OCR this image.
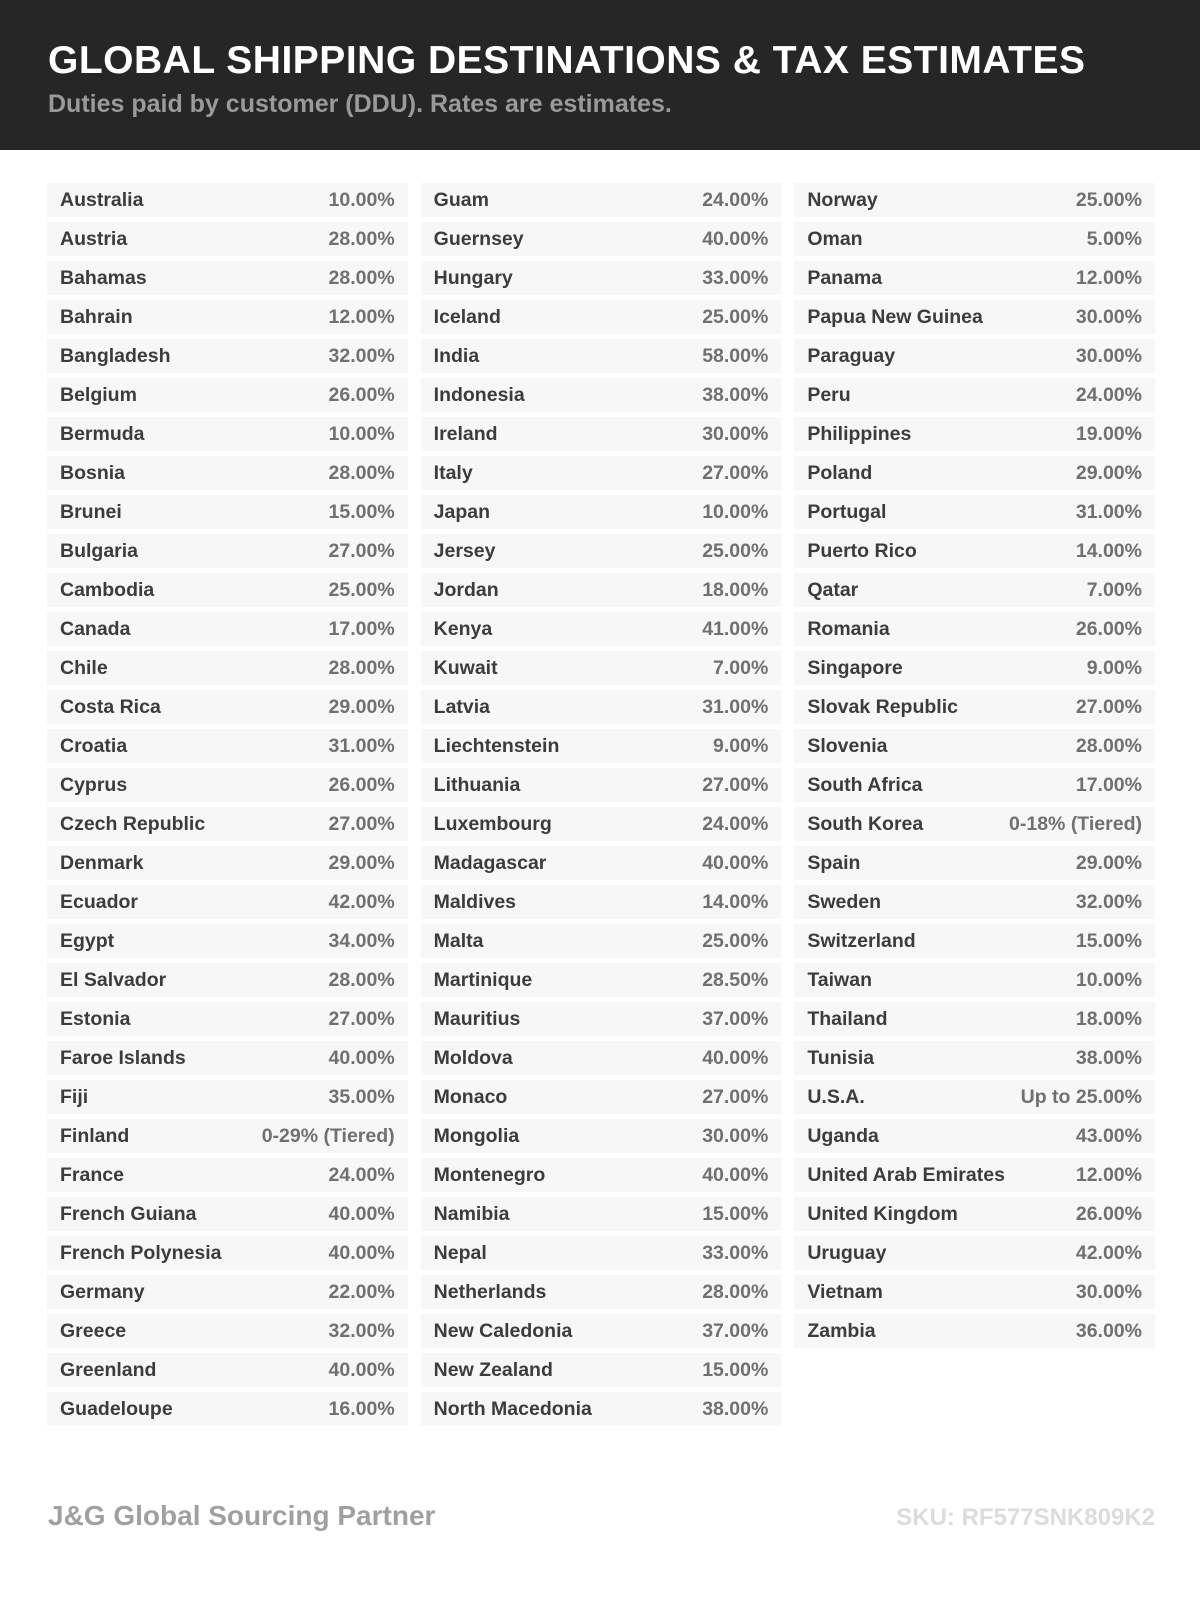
GLOBAL SHIPPING DESTINATIONS & TAX ESTIMATES
Duties paid by customer (DDU). Rates are estimates.
Australia	10.00%
Austria	28.00%
Bahamas	28.00%
Bahrain	12.00%
Bangladesh	32.00%
Belgium	26.00%
Bermuda	10.00%
Bosnia	28.00%
Brunei	15.00%
Bulgaria	27.00%
Cambodia	25.00%
Canada	17.00%
Chile	28.00%
Costa Rica	29.00%
Croatia	31.00%
Cyprus	26.00%
Czech Republic	27.00%
Denmark	29.00%
Ecuador	42.00%
Egypt	34.00%
El Salvador	28.00%
Estonia	27.00%
Faroe Islands	40.00%
Fiji	35.00%
Finland	0-29% (Tiered)
France	24.00%
French Guiana	40.00%
French Polynesia	40.00%
Germany	22.00%
Greece	32.00%
Greenland	40.00%
Guadeloupe	16.00%
Guam	24.00%
Guernsey	40.00%
Hungary	33.00%
Iceland	25.00%
India	58.00%
Indonesia	38.00%
Ireland	30.00%
Italy	27.00%
Japan	10.00%
Jersey	25.00%
Jordan	18.00%
Kenya	41.00%
Kuwait	7.00%
Latvia	31.00%
Liechtenstein	9.00%
Lithuania	27.00%
Luxembourg	24.00%
Madagascar	40.00%
Maldives	14.00%
Malta	25.00%
Martinique	28.50%
Mauritius	37.00%
Moldova	40.00%
Monaco	27.00%
Mongolia	30.00%
Montenegro	40.00%
Namibia	15.00%
Nepal	33.00%
Netherlands	28.00%
New Caledonia	37.00%
New Zealand	15.00%
North Macedonia	38.00%
Norway	25.00%
Oman	5.00%
Panama	12.00%
Papua New Guinea	30.00%
Paraguay	30.00%
Peru	24.00%
Philippines	19.00%
Poland	29.00%
Portugal	31.00%
Puerto Rico	14.00%
Qatar	7.00%
Romania	26.00%
Singapore	9.00%
Slovak Republic	27.00%
Slovenia	28.00%
South Africa	17.00%
South Korea	0-18% (Tiered)
Spain	29.00%
Sweden	32.00%
Switzerland	15.00%
Taiwan	10.00%
Thailand	18.00%
Tunisia	38.00%
U.S.A.	Up to 25.00%
Uganda	43.00%
United Arab Emirates	12.00%
United Kingdom	26.00%
Uruguay	42.00%
Vietnam	30.00%
Zambia	36.00%
J&G Global Sourcing Partner	SKU: RF577SNK809K2
